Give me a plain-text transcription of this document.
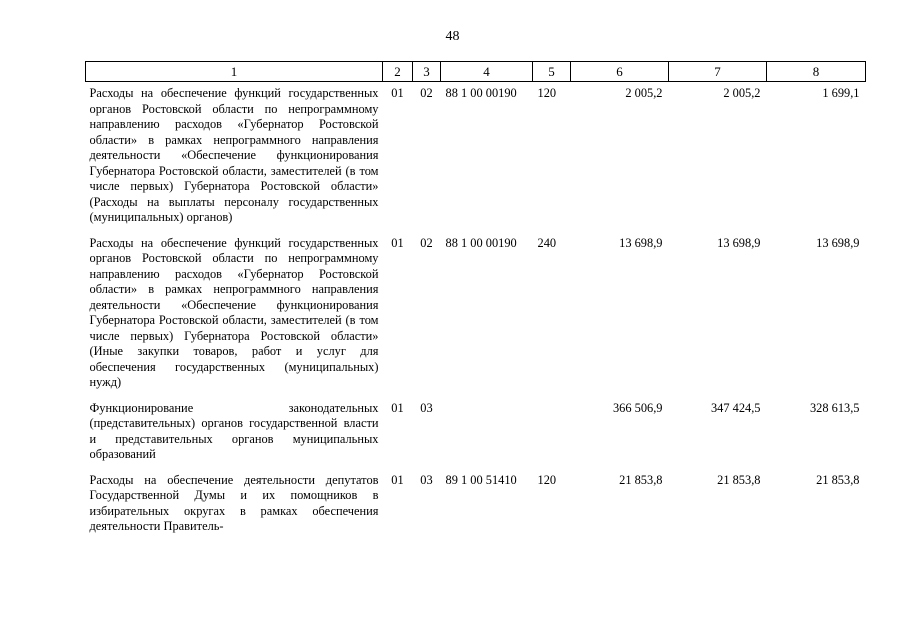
48
1	2	3	4	5	6	7	8
Расходы на обеспечение функций государственных органов Ростовской области по непрограммному направлению расходов «Губернатор Ростовской области» в рамках непрограммного направления деятельности «Обеспечение функционирования Губернатора Ростовской области, заместителей (в том числе первых) Губернатора Ростовской области» (Расходы на выплаты персоналу государственных (муниципальных) органов)	01	02	88 1 00 00190	120	2 005,2	2 005,2	1 699,1

Расходы на обеспечение функций государственных органов Ростовской области по непрограммному направлению расходов «Губернатор Ростовской области» в рамках непрограммного направления деятельности «Обеспечение функционирования Губернатора Ростовской области, заместителей (в том числе первых) Губернатора Ростовской области» (Иные закупки товаров, работ и услуг для обеспечения государственных (муниципальных) нужд)	01	02	88 1 00 00190	240	13 698,9	13 698,9	13 698,9

Функционирование законодательных (представительных) органов государственной власти и представительных органов муниципальных образований	01	03			366 506,9	347 424,5	328 613,5

Расходы на обеспечение деятельности депутатов Государственной Думы и их помощников в избирательных округах в рамках обеспечения деятельности Правитель-	01	03	89 1 00 51410	120	21 853,8	21 853,8	21 853,8
